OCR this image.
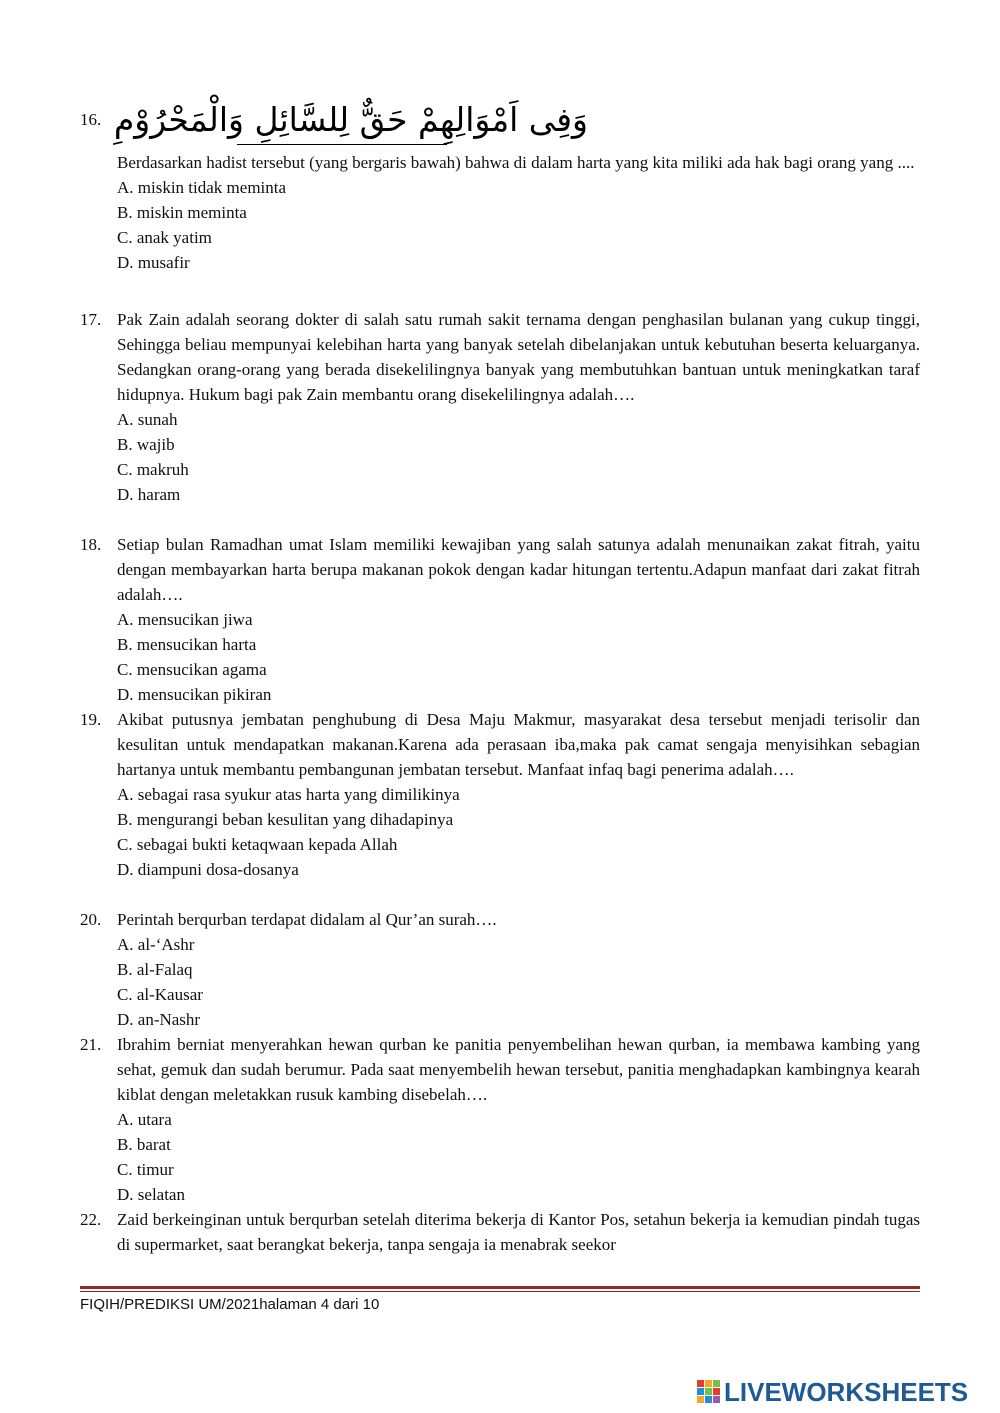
16. وَفِى اَمْوَالِهِمْ حَقٌّ لِلسَّائِلِ وَالْمَحْرُوْمِ
Berdasarkan hadist tersebut (yang bergaris bawah) bahwa di dalam harta yang kita miliki ada hak bagi orang yang ....
A. miskin tidak meminta
B. miskin meminta
C. anak yatim
D. musafir
17. Pak Zain adalah seorang dokter di salah satu rumah sakit ternama dengan penghasilan bulanan yang cukup tinggi, Sehingga beliau mempunyai kelebihan harta yang banyak setelah dibelanjakan untuk kebutuhan beserta keluarganya. Sedangkan orang-orang yang berada disekelilingnya banyak yang membutuhkan bantuan untuk meningkatkan taraf hidupnya. Hukum bagi pak Zain membantu orang disekelilingnya adalah….
A. sunah
B. wajib
C. makruh
D. haram
18. Setiap bulan Ramadhan umat Islam memiliki kewajiban yang salah satunya adalah menunaikan zakat fitrah, yaitu dengan membayarkan harta berupa makanan pokok dengan kadar hitungan tertentu.Adapun manfaat dari zakat fitrah adalah….
A. mensucikan jiwa
B. mensucikan harta
C. mensucikan agama
D. mensucikan pikiran
19. Akibat putusnya jembatan penghubung di Desa Maju Makmur, masyarakat desa tersebut menjadi terisolir dan kesulitan untuk mendapatkan makanan.Karena ada perasaan iba,maka pak camat sengaja menyisihkan sebagian hartanya untuk membantu pembangunan jembatan tersebut. Manfaat infaq bagi penerima adalah….
A. sebagai rasa syukur atas harta yang dimilikinya
B. mengurangi beban kesulitan yang dihadapinya
C. sebagai bukti ketaqwaan kepada Allah
D. diampuni dosa-dosanya
20. Perintah berqurban terdapat didalam al Qur’an surah….
A. al-‘Ashr
B. al-Falaq
C. al-Kausar
D. an-Nashr
21. Ibrahim berniat menyerahkan hewan qurban ke panitia penyembelihan hewan qurban, ia membawa kambing yang sehat, gemuk dan sudah berumur. Pada saat menyembelih hewan tersebut, panitia menghadapkan kambingnya kearah kiblat dengan meletakkan rusuk kambing disebelah….
A. utara
B. barat
C. timur
D. selatan
22. Zaid berkeinginan untuk berqurban setelah diterima bekerja di Kantor Pos, setahun bekerja ia kemudian pindah tugas di supermarket, saat berangkat bekerja, tanpa sengaja ia menabrak seekor
FIQIH/PREDIKSI UM/2021halaman 4 dari 10
LIVEWORKSHEETS
